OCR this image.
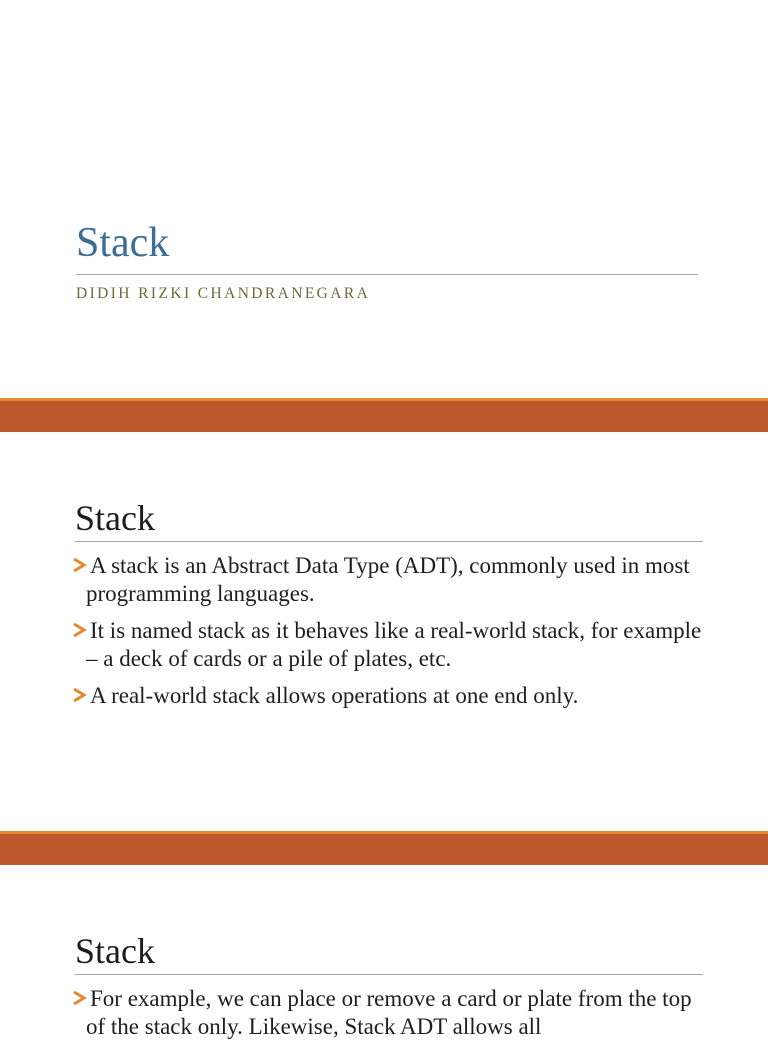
Stack
DIDIH RIZKI CHANDRANEGARA
Stack
A stack is an Abstract Data Type (ADT), commonly used in most programming languages.
It is named stack as it behaves like a real-world stack, for example – a deck of cards or a pile of plates, etc.
A real-world stack allows operations at one end only.
Stack
For example, we can place or remove a card or plate from the top of the stack only. Likewise, Stack ADT allows all
